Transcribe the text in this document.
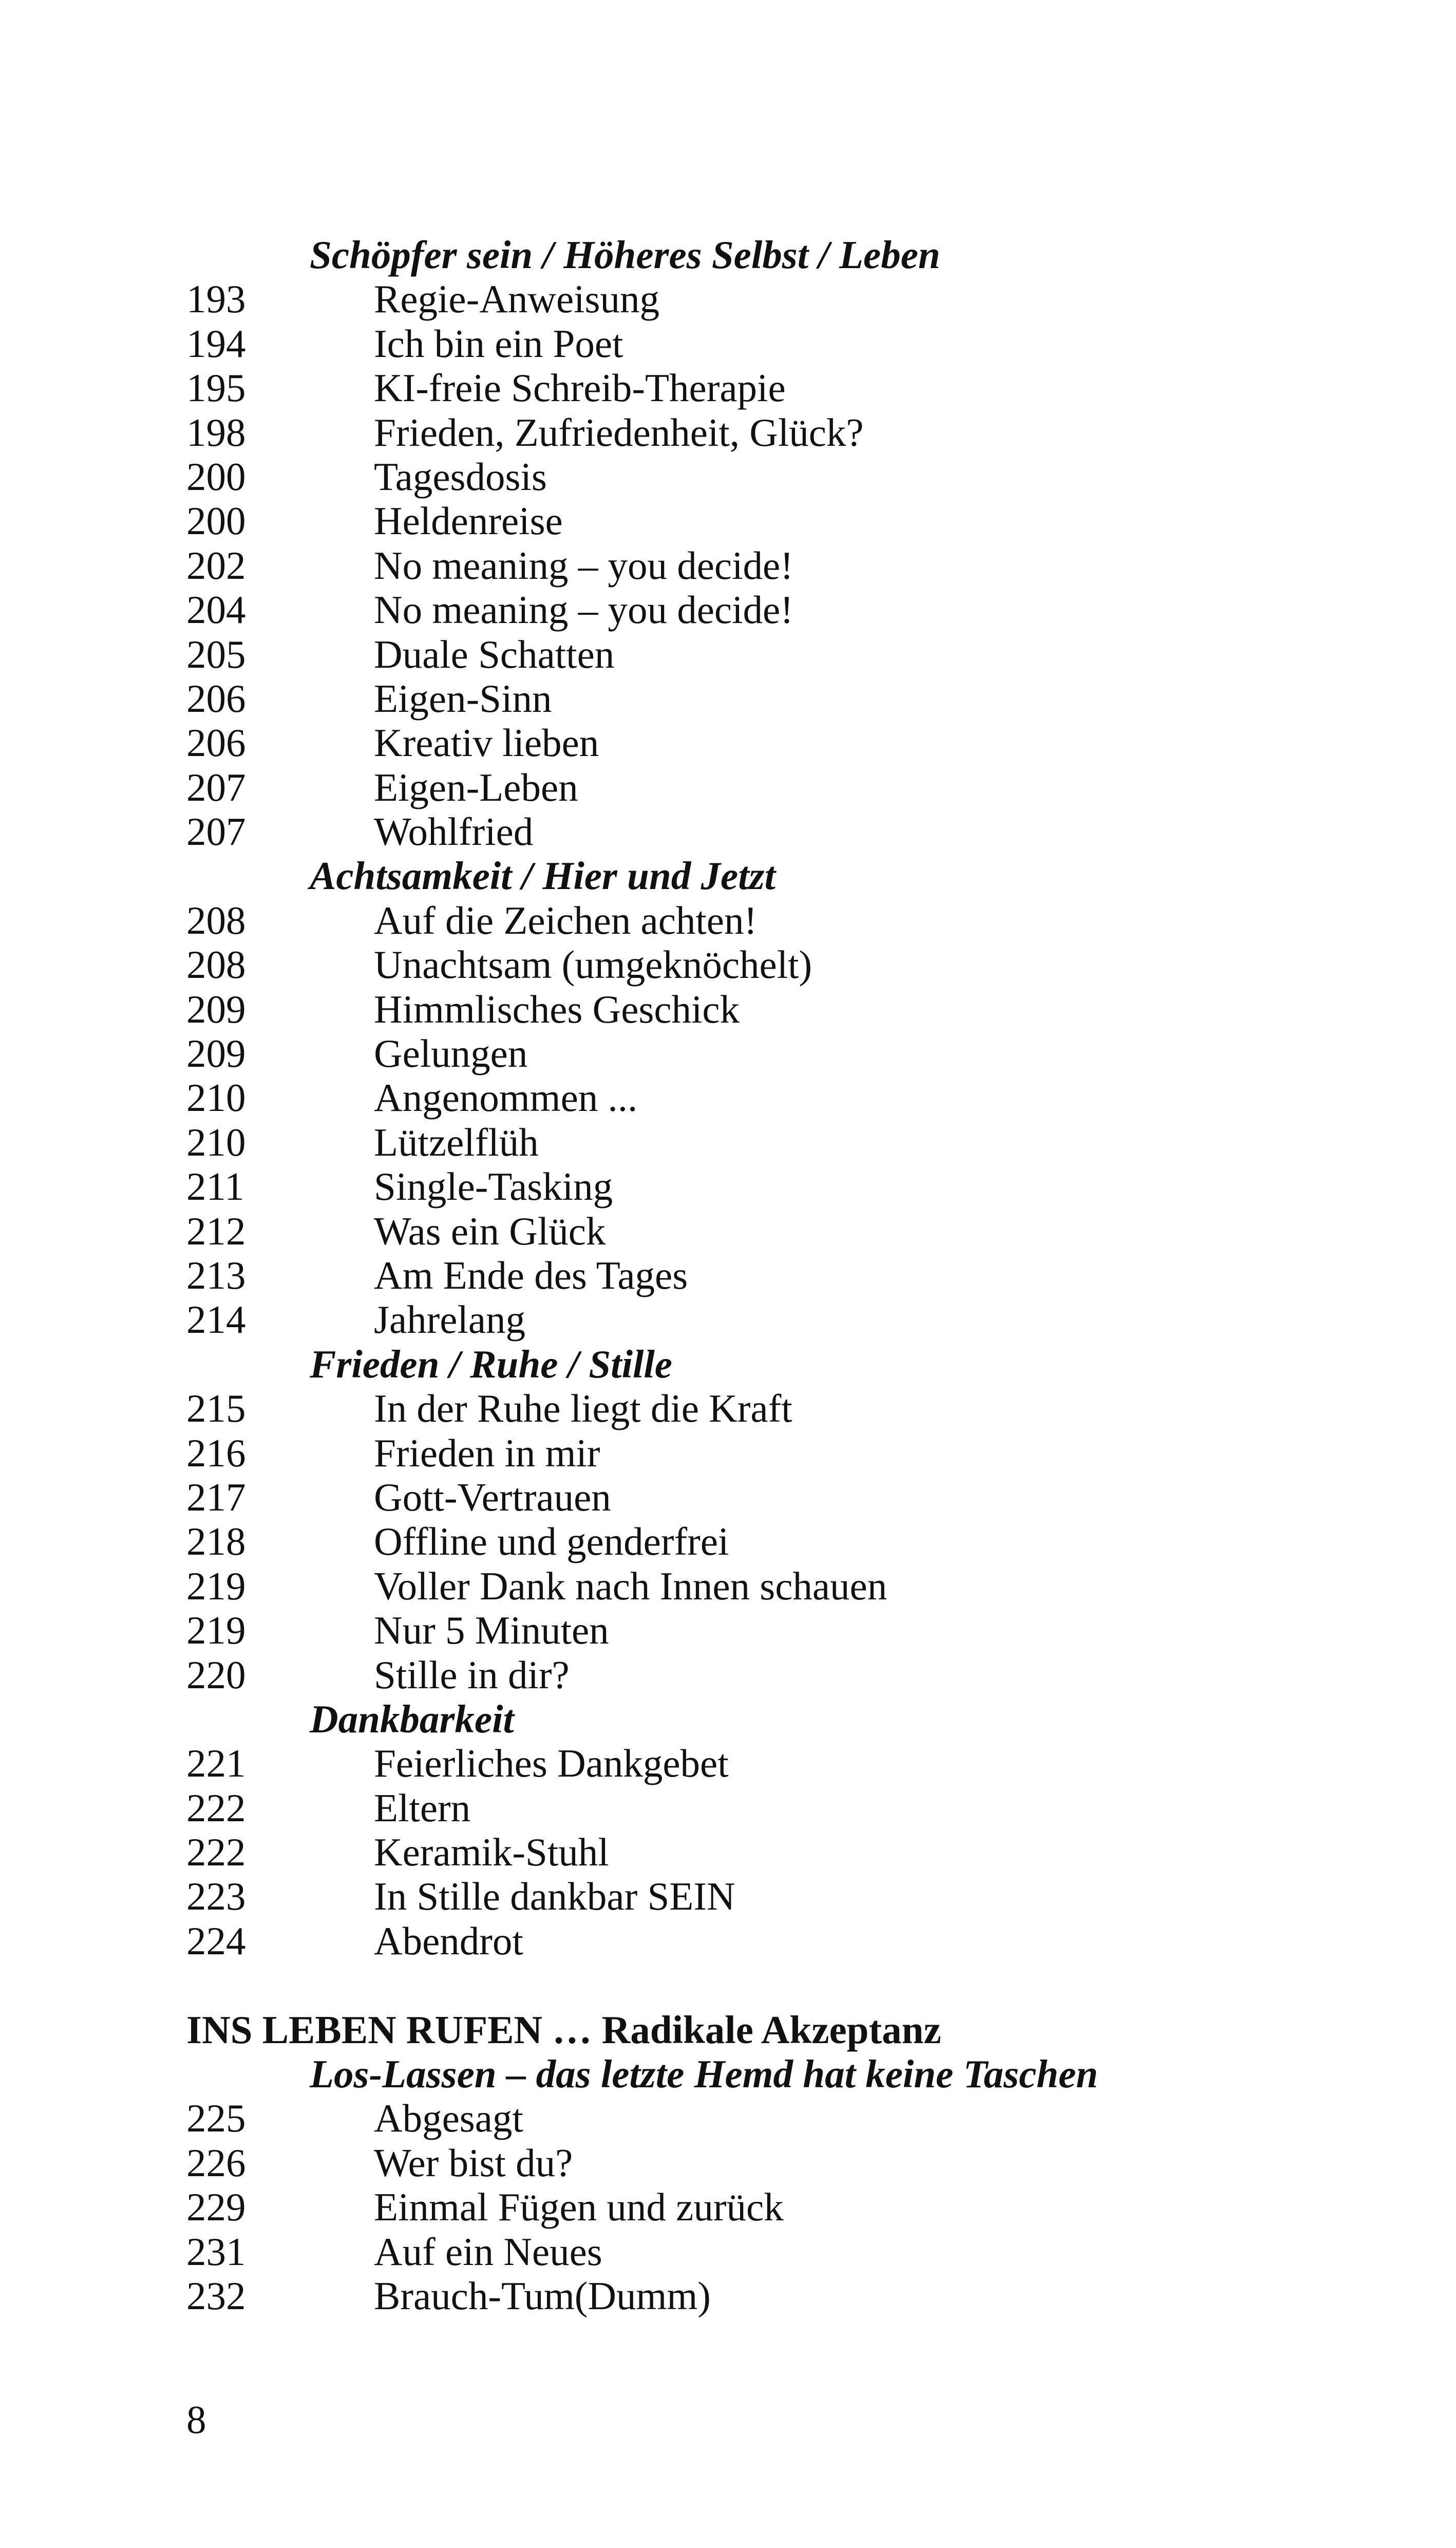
Schöpfer sein / Höheres Selbst / Leben
193	Regie-Anweisung
194	Ich bin ein Poet
195	KI-freie Schreib-Therapie
198	Frieden, Zufriedenheit, Glück?
200	Tagesdosis
200	Heldenreise
202	No meaning – you decide!
204	No meaning – you decide!
205	Duale Schatten
206	Eigen-Sinn
206	Kreativ lieben
207	Eigen-Leben
207	Wohlfried
Achtsamkeit / Hier und Jetzt
208	Auf die Zeichen achten!
208	Unachtsam (umgeknöchelt)
209	Himmlisches Geschick
209	Gelungen
210	Angenommen ...
210	Lützelflüh
211	Single-Tasking
212	Was ein Glück
213	Am Ende des Tages
214	Jahrelang
Frieden / Ruhe / Stille
215	In der Ruhe liegt die Kraft
216	Frieden in mir
217	Gott-Vertrauen
218	Offline und genderfrei
219	Voller Dank nach Innen schauen
219	Nur 5 Minuten
220	Stille in dir?
Dankbarkeit
221	Feierliches Dankgebet
222	Eltern
222	Keramik-Stuhl
223	In Stille dankbar SEIN
224	Abendrot
INS LEBEN RUFEN … Radikale Akzeptanz
Los-Lassen – das letzte Hemd hat keine Taschen
225	Abgesagt
226	Wer bist du?
229	Einmal Fügen und zurück
231	Auf ein Neues
232	Brauch-Tum(Dumm)
8
